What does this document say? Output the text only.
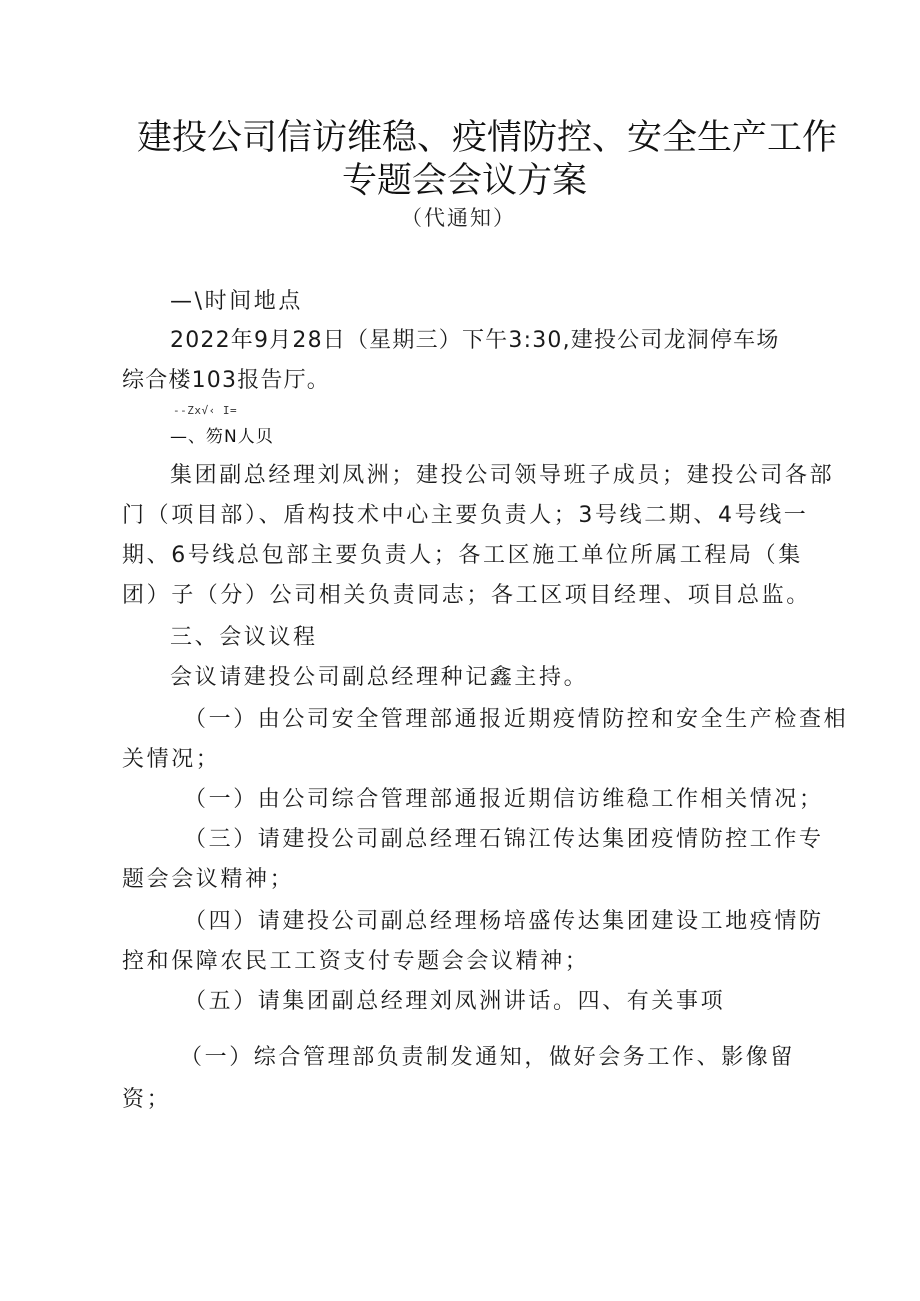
建投公司信访维稳、疫情防控、安全生产工作
专题会会议方案
（代通知）
—\时间地点
2022年9月28日（星期三）下午3:30,建投公司龙洞停车场
综合楼103报告厅。
--Zx√‹ I=
—、笏N人贝
集团副总经理刘凤洲；建投公司领导班子成员；建投公司各部
门（项目部）、盾构技术中心主要负责人；3号线二期、4号线一
期、6号线总包部主要负责人；各工区施工单位所属工程局（集
团）子（分）公司相关负责同志；各工区项目经理、项目总监。
三、会议议程
会议请建投公司副总经理种记鑫主持。
（一）由公司安全管理部通报近期疫情防控和安全生产检查相
关情况；
（一）由公司综合管理部通报近期信访维稳工作相关情况；
（三）请建投公司副总经理石锦江传达集团疫情防控工作专
题会会议精神；
（四）请建投公司副总经理杨培盛传达集团建设工地疫情防
控和保障农民工工资支付专题会会议精神；
（五）请集团副总经理刘凤洲讲话。四、有关事项
（一）综合管理部负责制发通知，做好会务工作、影像留
资；
